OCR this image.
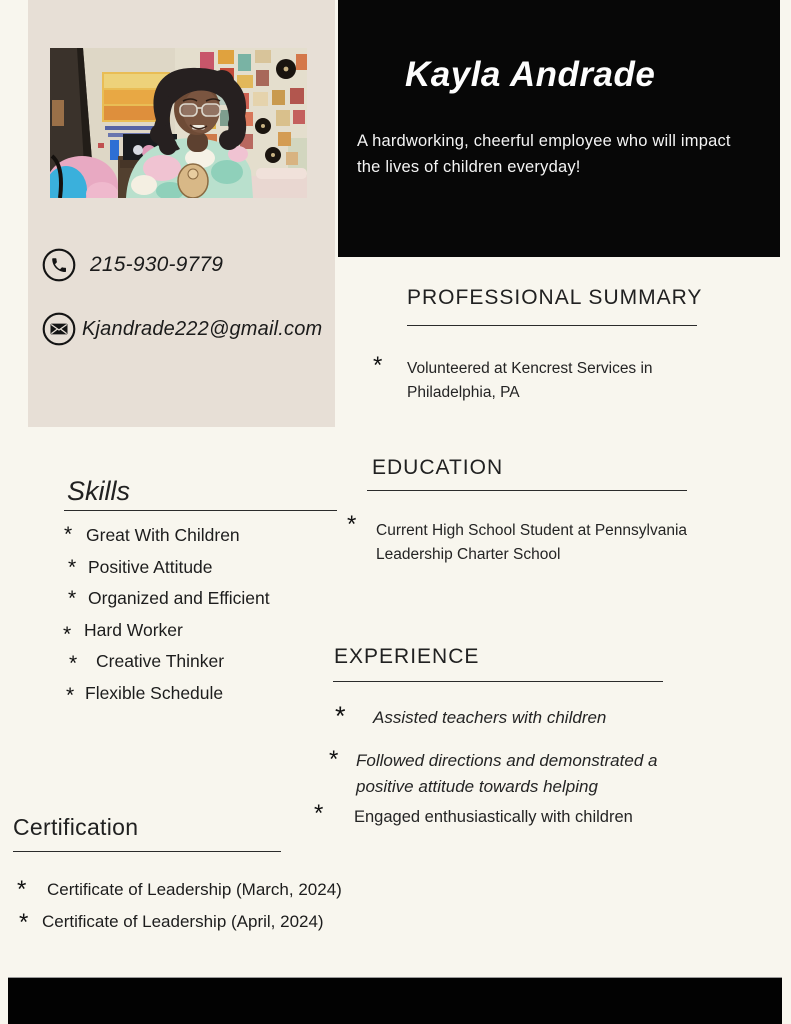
215-930-9779
Kjandrade222@gmail.com
Kayla Andrade

A hardworking, cheerful employee who will impact
the lives of children everyday!

PROFESSIONAL SUMMARY
* Volunteered at Kencrest Services in
Philadelphia, PA
EDUCATION
* Current High School Student at Pennsylvania
Leadership Charter School
Skills
* Great With Children
* Positive Attitude
* Organized and Efficient
* Hard Worker
* Creative Thinker
* Flexible Schedule
EXPERIENCE
* Assisted teachers with children
* Followed directions and demonstrated a
positive attitude towards helping
* Engaged enthusiastically with children
Certification
* Certificate of Leadership (March, 2024)
* Certificate of Leadership (April, 2024)
